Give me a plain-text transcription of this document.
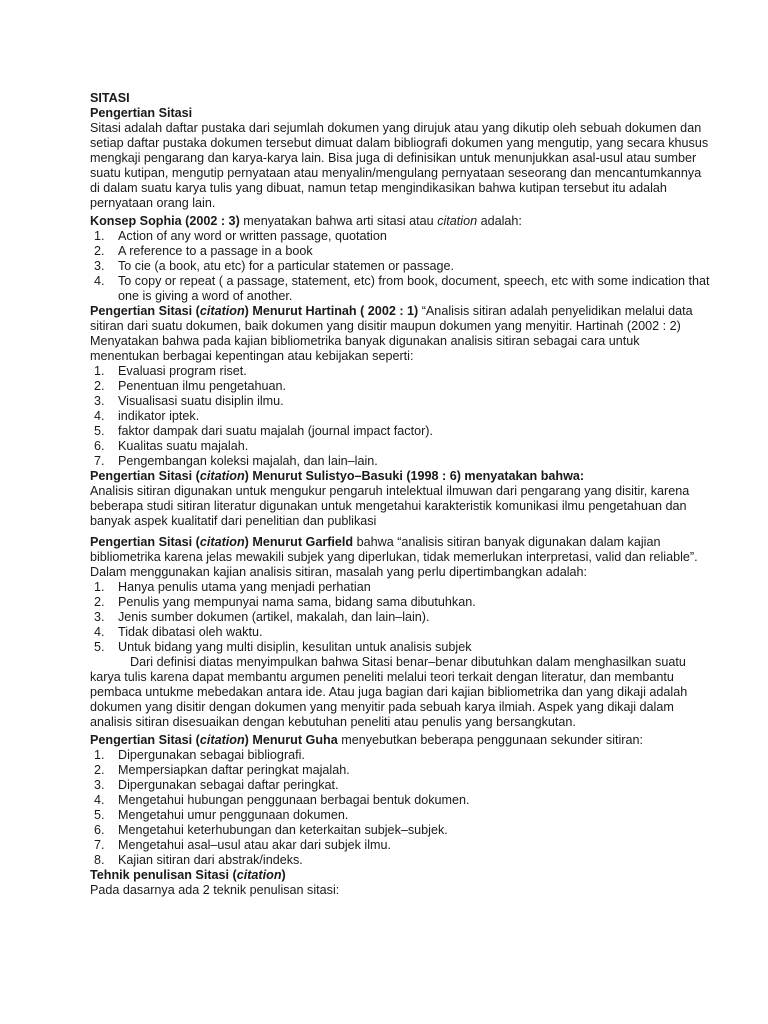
SITASI

Pengertian Sitasi

Sitasi adalah daftar pustaka dari sejumlah dokumen yang dirujuk atau yang dikutip oleh sebuah dokumen dan setiap daftar pustaka dokumen tersebut dimuat dalam bibliografi dokumen yang mengutip, yang secara khusus mengkaji pengarang dan karya-karya lain. Bisa juga di definisikan untuk menunjukkan asal-usul atau sumber suatu kutipan, mengutip pernyataan atau menyalin/mengulang pernyataan seseorang dan mencantumkannya di dalam suatu karya tulis yang dibuat, namun tetap mengindikasikan bahwa kutipan tersebut itu adalah pernyataan orang lain.

Konsep Sophia (2002 : 3) menyatakan bahwa arti sitasi atau citation adalah:

1.	Action of any word or written passage, quotation
2.	A reference to a passage in a book
3.	To cie (a book, atu etc) for a particular statemen or passage.
4.	To copy or repeat ( a passage, statement, etc) from book, document, speech, etc with some indication that one is giving a word of another.

Pengertian Sitasi (citation) Menurut Hartinah ( 2002 : 1) “Analisis sitiran adalah penyelidikan melalui data sitiran dari suatu dokumen, baik dokumen yang disitir maupun dokumen yang menyitir. Hartinah (2002 : 2) Menyatakan bahwa pada kajian bibliometrika banyak digunakan analisis sitiran sebagai cara untuk menentukan berbagai kepentingan atau kebijakan seperti:

1.	Evaluasi program riset.
2.	Penentuan ilmu pengetahuan.
3.	Visualisasi suatu disiplin ilmu.
4.	indikator iptek.
5.	faktor dampak dari suatu majalah (journal impact factor).
6.	Kualitas suatu majalah.
7.	Pengembangan koleksi majalah, dan lain–lain.

Pengertian Sitasi (citation) Menurut Sulistyo–Basuki (1998 : 6) menyatakan bahwa:

Analisis sitiran digunakan untuk mengukur pengaruh intelektual ilmuwan dari pengarang yang disitir, karena beberapa studi sitiran literatur digunakan untuk mengetahui karakteristik komunikasi ilmu pengetahuan dan banyak aspek kualitatif dari penelitian dan publikasi

Pengertian Sitasi (citation) Menurut Garfield bahwa “analisis sitiran banyak digunakan dalam kajian bibliometrika karena jelas mewakili subjek yang diperlukan, tidak memerlukan interpretasi, valid dan reliable”.

Dalam menggunakan kajian analisis sitiran, masalah yang perlu dipertimbangkan adalah:

1.	Hanya penulis utama yang menjadi perhatian
2.	Penulis yang mempunyai nama sama, bidang sama dibutuhkan.
3.	Jenis sumber dokumen (artikel, makalah, dan lain–lain).
4.	Tidak dibatasi oleh waktu.
5.	Untuk bidang yang multi disiplin, kesulitan untuk analisis subjek

Dari definisi diatas menyimpulkan bahwa Sitasi benar–benar dibutuhkan dalam menghasilkan suatu karya tulis karena dapat membantu argumen peneliti melalui teori terkait dengan literatur, dan membantu pembaca untukme mebedakan antara ide. Atau juga bagian dari kajian bibliometrika dan yang dikaji adalah dokumen yang disitir dengan dokumen yang menyitir pada sebuah karya ilmiah. Aspek yang dikaji dalam analisis sitiran disesuaikan dengan kebutuhan peneliti atau penulis yang bersangkutan.

Pengertian Sitasi (citation) Menurut Guha menyebutkan beberapa penggunaan sekunder sitiran:

1.	Dipergunakan sebagai bibliografi.
2.	Mempersiapkan daftar peringkat majalah.
3.	Dipergunakan sebagai daftar peringkat.
4.	Mengetahui hubungan penggunaan berbagai bentuk dokumen.
5.	Mengetahui umur penggunaan dokumen.
6.	Mengetahui keterhubungan dan keterkaitan subjek–subjek.
7.	Mengetahui asal–usul atau akar dari subjek ilmu.
8.	Kajian sitiran dari abstrak/indeks.

Tehnik penulisan Sitasi (citation)

Pada dasarnya ada 2 teknik penulisan sitasi:
